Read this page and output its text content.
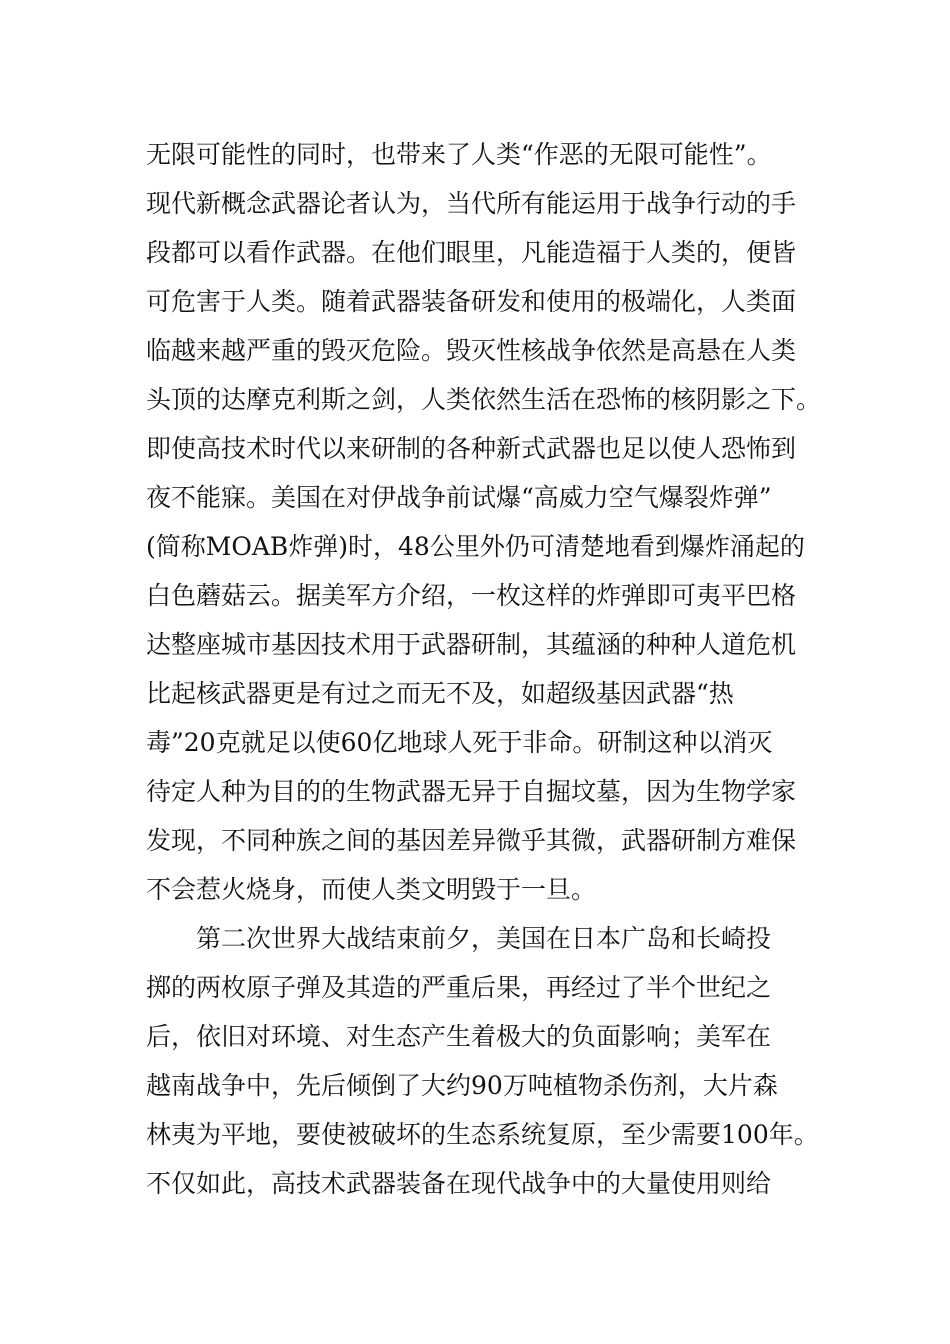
无限可能性的同时，也带来了人类“作恶的无限可能性”。
现代新概念武器论者认为，当代所有能运用于战争行动的手
段都可以看作武器。在他们眼里，凡能造福于人类的，便皆
可危害于人类。随着武器装备研发和使用的极端化，人类面
临越来越严重的毁灭危险。毁灭性核战争依然是高悬在人类
头顶的达摩克利斯之剑，人类依然生活在恐怖的核阴影之下。
即使高技术时代以来研制的各种新式武器也足以使人恐怖到
夜不能寐。美国在对伊战争前试爆“高威力空气爆裂炸弹”
(简称MOAB炸弹)时，48公里外仍可清楚地看到爆炸涌起的
白色蘑菇云。据美军方介绍，一枚这样的炸弹即可夷平巴格
达整座城市基因技术用于武器研制，其蕴涵的种种人道危机
比起核武器更是有过之而无不及，如超级基因武器“热
毒”20克就足以使60亿地球人死于非命。研制这种以消灭
待定人种为目的的生物武器无异于自掘坟墓，因为生物学家
发现，不同种族之间的基因差异微乎其微，武器研制方难保
不会惹火烧身，而使人类文明毁于一旦。
第二次世界大战结束前夕，美国在日本广岛和长崎投
掷的两枚原子弹及其造的严重后果，再经过了半个世纪之
后，依旧对环境、对生态产生着极大的负面影响；美军在
越南战争中，先后倾倒了大约90万吨植物杀伤剂，大片森
林夷为平地，要使被破坏的生态系统复原，至少需要100年。
不仅如此，高技术武器装备在现代战争中的大量使用则给
